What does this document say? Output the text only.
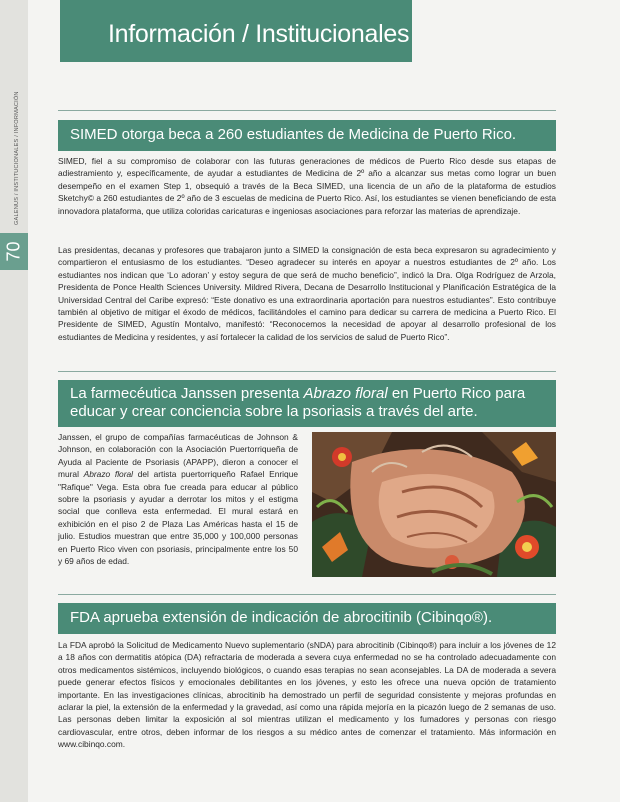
70
GALENUS / INSTITUCIONALES / INFORMACIÓN
Información / Institucionales
SIMED otorga beca a 260 estudiantes de Medicina de Puerto Rico.

SIMED, fiel a su compromiso de colaborar con las futuras generaciones de médicos de Puerto Rico desde sus etapas de adiestramiento y, específicamente, de ayudar a estudiantes de Medicina de 2º año a alcanzar sus metas como lograr un buen desempeño en el examen Step 1, obsequió a través de la Beca SIMED, una licencia de un año de la plataforma de estudios Sketchy© a 260 estudiantes de 2º año de 3 escuelas de medicina de Puerto Rico. Así, los estudiantes se vienen beneficiando de esta innovadora plataforma, que utiliza coloridas caricaturas e ingeniosas asociaciones para reforzar las materias de aprendizaje.

Las presidentas, decanas y profesores que trabajaron junto a SIMED la consignación de esta beca expresaron su agradecimiento y compartieron el entusiasmo de los estudiantes. “Deseo agradecer su interés en apoyar a nuestros estudiantes de 2º año. Los estudiantes nos indican que ‘Lo adoran’ y estoy segura de que será de mucho beneficio”, indicó la Dra. Olga Rodríguez de Arzola, Presidenta de Ponce Health Sciences University. Mildred Rivera, Decana de Desarrollo Institucional y Planificación Estratégica de la Universidad Central del Caribe expresó: “Este donativo es una extraordinaria aportación para nuestros estudiantes”. Esto contribuye también al objetivo de mitigar el éxodo de médicos, facilitándoles el camino para dedicar su carrera de medicina a Puerto Rico. El Presidente de SIMED, Agustín Montalvo, manifestó: “Reconocemos la necesidad de apoyar al desarrollo profesional de los estudiantes de Medicina y residentes, y así fortalecer la calidad de los servicios de salud de Puerto Rico”.

La farmecéutica Janssen presenta Abrazo floral en Puerto Rico para educar y crear conciencia sobre la psoriasis a través del arte.

Janssen, el grupo de compañías farmacéuticas de Johnson & Johnson, en colaboración con la Asociación Puertorriqueña de Ayuda al Paciente de Psoriasis (APAPP), dieron a conocer el mural Abrazo floral del artista puertorriqueño Rafael Enrique "Rafique" Vega. Esta obra fue creada para educar al público sobre la psoriasis y ayudar a derrotar los mitos y el estigma social que conlleva esta enfermedad. El mural estará en exhibición en el piso 2 de Plaza Las Américas hasta el 15 de julio. Estudios muestran que entre 35,000 y 100,000 personas en Puerto Rico viven con psoriasis, principalmente entre los 50 y 69 años de edad.

FDA aprueba extensión de indicación de abrocitinib (Cibinqo®).

La FDA aprobó la Solicitud de Medicamento Nuevo suplementario (sNDA) para abrocitinib (Cibinqo®) para incluir a los jóvenes de 12 a 18 años con dermatitis atópica (DA) refractaria de moderada a severa cuya enfermedad no se ha controlado adecuadamente con otros medicamentos sistémicos, incluyendo biológicos, o cuando esas terapias no sean aconsejables. La DA de moderada a severa puede generar efectos físicos y emocionales debilitantes en los jóvenes, y esto les ofrece una nueva opción de tratamiento importante. En las investigaciones clínicas, abrocitinib ha demostrado un perfil de seguridad consistente y mejoras profundas en aclarar la piel, la extensión de la enfermedad y la gravedad, así como una rápida mejoría en la picazón luego de 2 semanas de uso. Las personas deben limitar la exposición al sol mientras utilizan el medicamento y los fumadores y personas con riesgo cardiovascular, entre otros, deben informar de los riesgos a su médico antes de comenzar el tratamiento. Más información en www.cibinqo.com.
